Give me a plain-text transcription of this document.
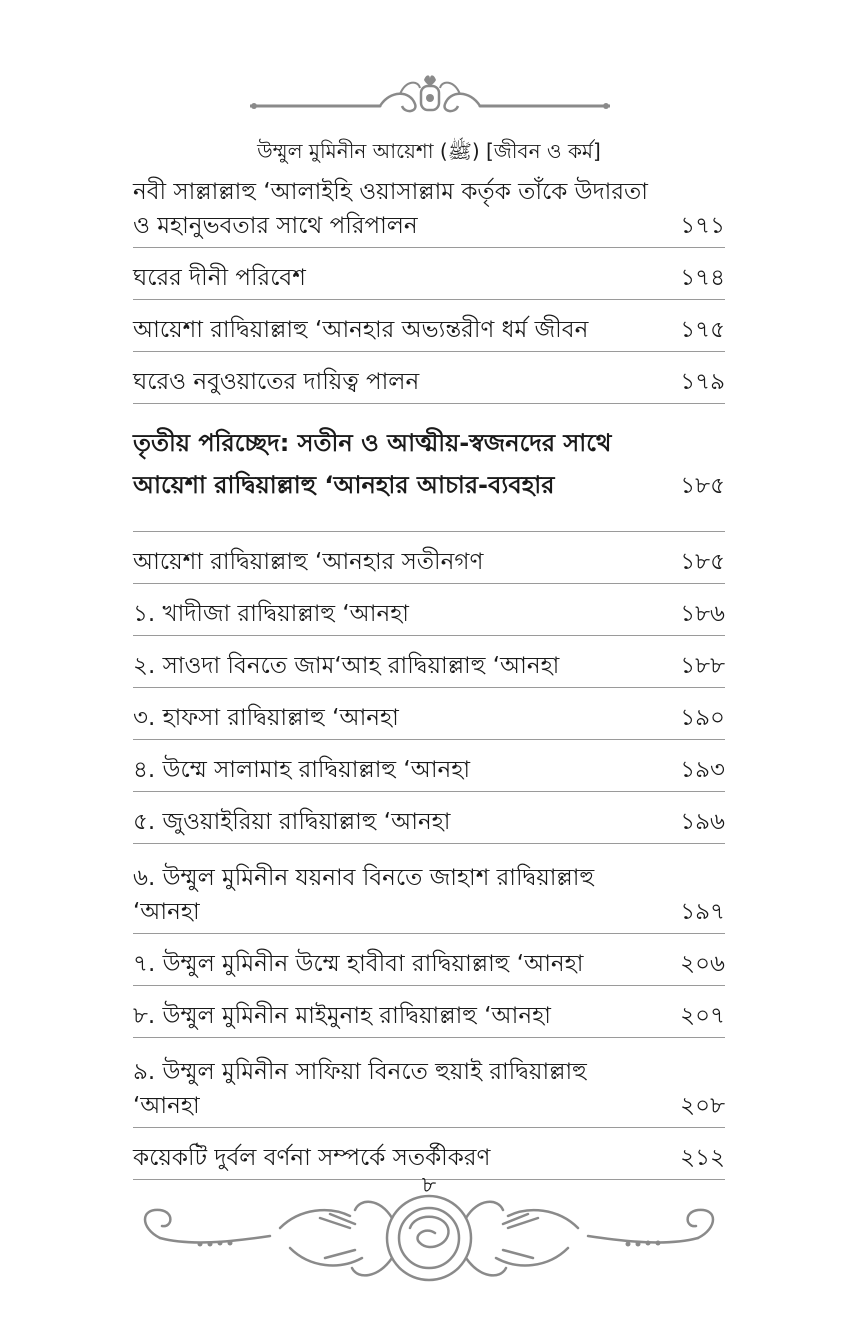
উম্মুল মুমিনীন আয়েশা (ﷺ) [জীবন ও কর্ম]
নবী সাল্লাল্লাহু ‘আলাইহি ওয়াসাল্লাম কর্তৃক তাঁকে উদারতা ও মহানুভবতার সাথে পরিপালন	১৭১
ঘরের দীনী পরিবেশ	১৭৪
আয়েশা রাদ্বিয়াল্লাহু ‘আনহার অভ্যন্তরীণ ধর্ম জীবন	১৭৫
ঘরেও নবুওয়াতের দায়িত্ব পালন	১৭৯
তৃতীয় পরিচ্ছেদ: সতীন ও আত্মীয়-স্বজনদের সাথে
আয়েশা রাদ্বিয়াল্লাহু ‘আনহার আচার-ব্যবহার	১৮৫
আয়েশা রাদ্বিয়াল্লাহু ‘আনহার সতীনগণ	১৮৫
১. খাদীজা রাদ্বিয়াল্লাহু ‘আনহা	১৮৬
২. সাওদা বিনতে জাম‘আহ রাদ্বিয়াল্লাহু ‘আনহা	১৮৮
৩. হাফসা রাদ্বিয়াল্লাহু ‘আনহা	১৯০
৪. উম্মে সালামাহ রাদ্বিয়াল্লাহু ‘আনহা	১৯৩
৫. জুওয়াইরিয়া রাদ্বিয়াল্লাহু ‘আনহা	১৯৬
৬. উম্মুল মুমিনীন যয়নাব বিনতে জাহাশ রাদ্বিয়াল্লাহু ‘আনহা	১৯৭
৭. উম্মুল মুমিনীন উম্মে হাবীবা রাদ্বিয়াল্লাহু ‘আনহা	২০৬
৮. উম্মুল মুমিনীন মাইমুনাহ রাদ্বিয়াল্লাহু ‘আনহা	২০৭
৯. উম্মুল মুমিনীন সাফিয়া বিনতে হুয়াই রাদ্বিয়াল্লাহু ‘আনহা	২০৮
কয়েকটি দুর্বল বর্ণনা সম্পর্কে সতর্কীকরণ	২১২
৮
